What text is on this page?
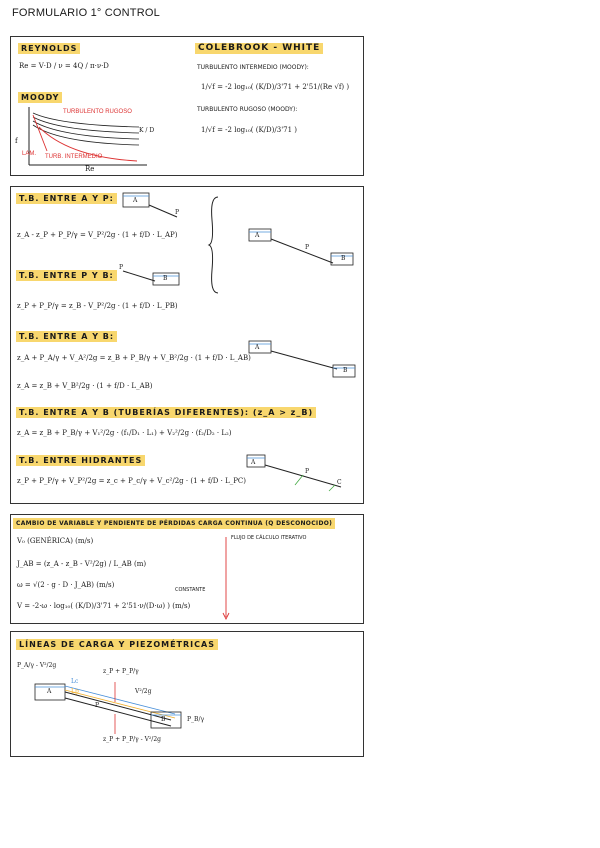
FORMULARIO 1° CONTROL
REYNOLDS
Re = V·D / ν = 4Q / π·ν·D
MOODY
TURBULENTO RUGOSO
TURB. INTERMEDIO
LAM.
K / D
Re
f
COLEBROOK - WHITE
TURBULENTO INTERMEDIO (MOODY):
1/√f = -2 log₁₀( (K/D)/3'71 + 2'51/(Re √f) )
TURBULENTO RUGOSO (MOODY):
1/√f = -2 log₁₀( (K/D)/3'71 )
T.B. ENTRE A Y P:	A
P
z_A - z_P + P_P/γ = V_P²/2g · (1 + f/D · L_AP)	A
P
B
T.B. ENTRE P Y B:
P
B
z_P + P_P/γ = z_B - V_P²/2g · (1 + f/D · L_PB)
T.B. ENTRE A Y B:
z_A + P_A/γ + V_A²/2g = z_B + P_B/γ + V_B²/2g · (1 + f/D · L_AB)
z_A = z_B + V_B²/2g · (1 + f/D · L_AB)
A
B
T.B. ENTRE A Y B (TUBERÍAS DIFERENTES): (z_A > z_B)
z_A = z_B + P_B/γ + V₁²/2g · (f₁/D₁ · L₁) + V₂²/2g · (f₂/D₂ · L₂)
T.B. ENTRE HIDRANTES
z_P + P_P/γ + V_P²/2g = z_c + P_c/γ + V_c²/2g · (1 + f/D · L_PC)
A
P
C
CAMBIO DE VARIABLE Y PENDIENTE DE PÉRDIDAS CARGA CONTINUA (Q DESCONOCIDO)
V₀ (GENÉRICA) (m/s)
J_AB = (z_A - z_B - V²/2g) / L_AB (m)
ω = √(2 · g · D · J_AB) (m/s)
V = -2·ω · log₁₀( (K/D)/3'71 + 2'51·ν/(D·ω) ) (m/s)
FLUJO DE CÁLCULO ITERATIVO
CONSTANTE
LÍNEAS DE CARGA Y PIEZOMÉTRICAS
P_A/γ - V²/2g
z_P + P_P/γ
V²/2g
z_P + P_P/γ - V²/2g
P_B/γ
Lc
Lp
A
P
B
